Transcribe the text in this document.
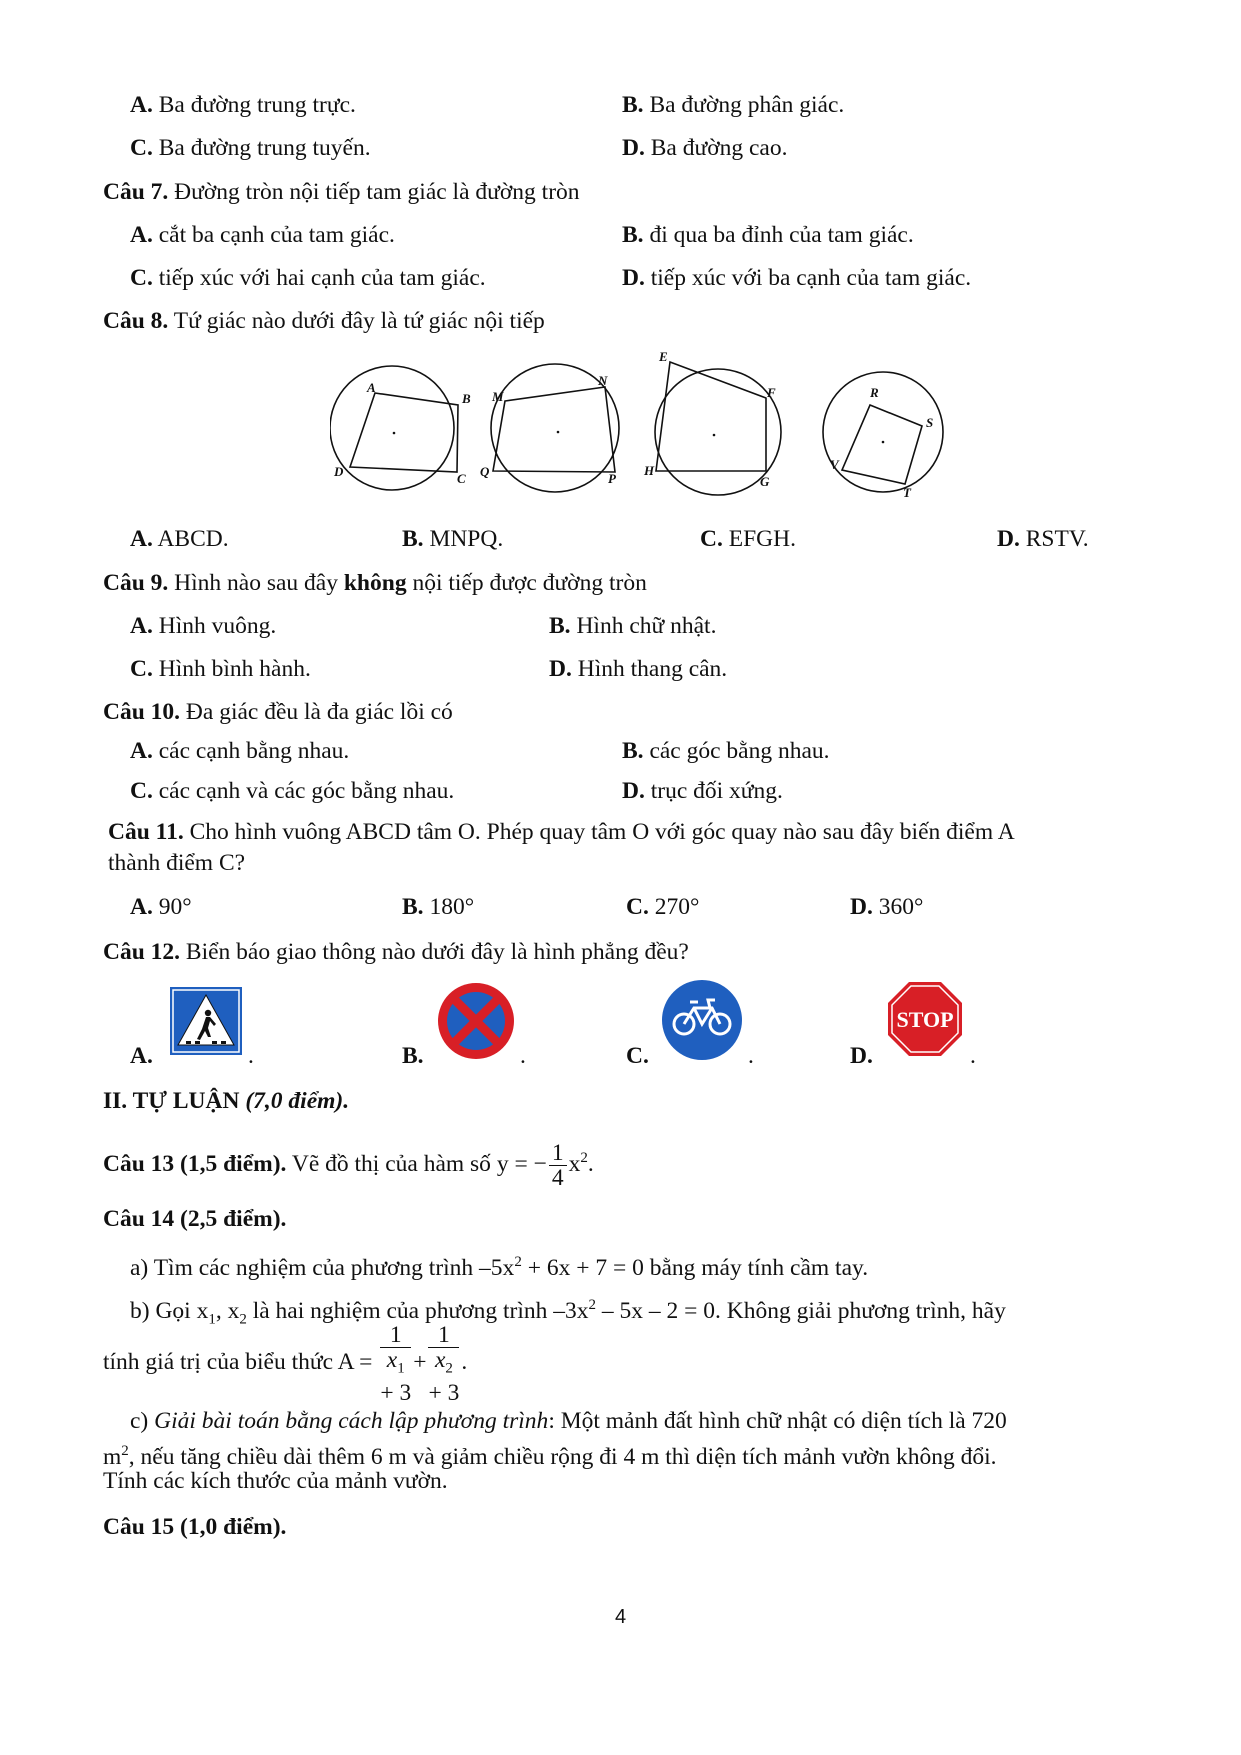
A. Ba đường trung trực.	B. Ba đường phân giác.
C. Ba đường trung tuyến.	D. Ba đường cao.
Câu 7. Đường tròn nội tiếp tam giác là đường tròn
A. cắt ba cạnh của tam giác.	B. đi qua ba đỉnh của tam giác.
C. tiếp xúc với hai cạnh của tam giác.	D. tiếp xúc với ba cạnh của tam giác.
Câu 8. Tứ giác nào dưới đây là tứ giác nội tiếp
A
B
C
D
M
N
P
Q
E
F
G
H
R
S
T
V
A. ABCD.	B. MNPQ.	C. EFGH.	D. RSTV.
Câu 9. Hình nào sau đây không nội tiếp được đường tròn
A. Hình vuông.	B. Hình chữ nhật.
C. Hình bình hành.	D. Hình thang cân.
Câu 10. Đa giác đều là đa giác lồi có
A. các cạnh bằng nhau.	B. các góc bằng nhau.
C. các cạnh và các góc bằng nhau.	D. trục đối xứng.
Câu 11. Cho hình vuông ABCD tâm O. Phép quay tâm O với góc quay nào sau đây biến điểm A
thành điểm C?
A. 90°	B. 180°	C. 270°	D. 360°
Câu 12. Biển báo giao thông nào dưới đây là hình phẳng đều?
A.	.	B.	.	C.	.	D.
STOP
.
II. TỰ LUẬN (7,0 điểm).
Câu 13 (1,5 điểm). Vẽ đồ thị của hàm số y = − $\frac{1}{4} x^2$.
Câu 14 (2,5 điểm).
a) Tìm các nghiệm của phương trình $-5x^2 + 6x + 7 = 0$ bằng máy tính cầm tay.
b) Gọi $x_1$, $x_2$ là hai nghiệm của phương trình $-3x^2 - 5x - 2 = 0$. Không giải phương trình, hãy
tính giá trị của biểu thức A = 1
$x_1$
+ 3 + 1
$x_2$
+ 3 .
c) Giải bài toán bằng cách lập phương trình: Một mảnh đất hình chữ nhật có diện tích là 720
$m^2$, nếu tăng chiều dài thêm 6 m và giảm chiều rộng đi 4 m thì diện tích mảnh vườn không đổi.
Tính các kích thước của mảnh vườn.
Câu 15 (1,0 điểm).
4
